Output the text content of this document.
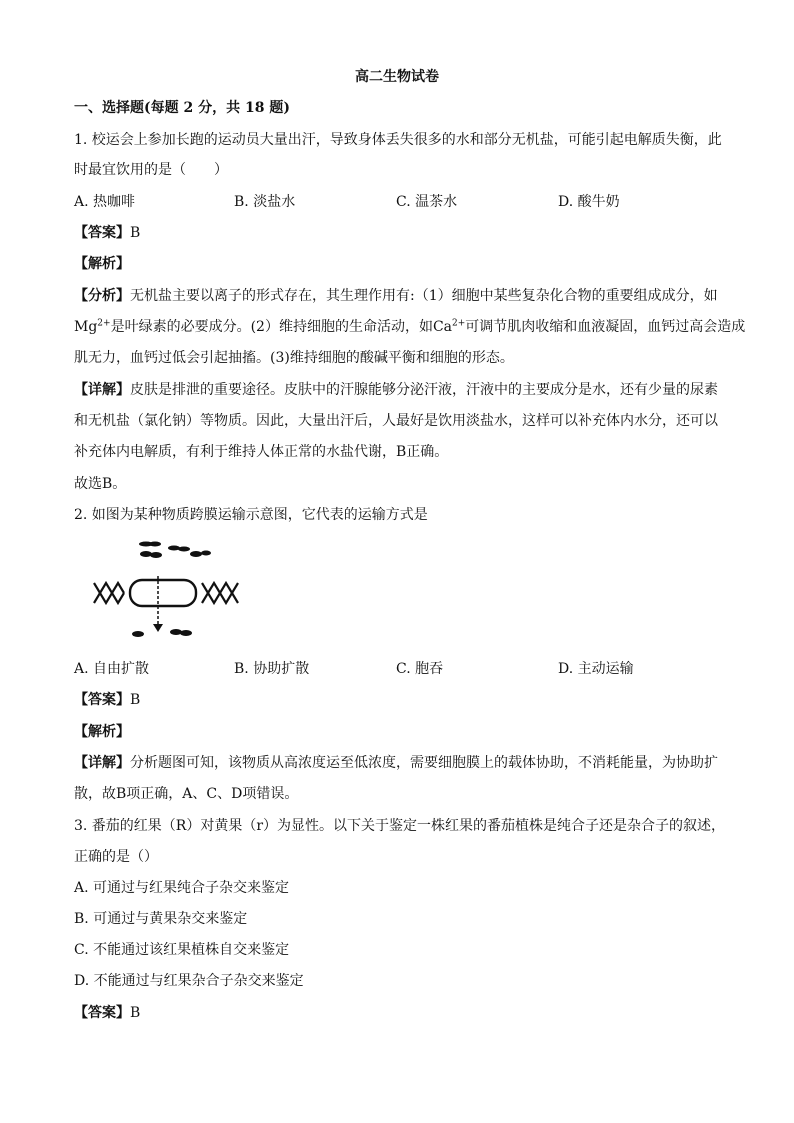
高二生物试卷
一、选择题(每题 2 分，共 18 题)
1. 校运会上参加长跑的运动员大量出汗，导致身体丢失很多的水和部分无机盐，可能引起电解质失衡，此
时最宜饮用的是（　　）
A. 热咖啡	B. 淡盐水	C. 温茶水	D. 酸牛奶
【答案】B
【解析】
【分析】无机盐主要以离子的形式存在，其生理作用有:（1）细胞中某些复杂化合物的重要组成成分，如
$Mg^{2+}$是叶绿素的必要成分。(2）维持细胞的生命活动，如$Ca^{2+}$可调节肌肉收缩和血液凝固，血钙过高会造成
肌无力，血钙过低会引起抽搐。(3)维持细胞的酸碱平衡和细胞的形态。
【详解】皮肤是排泄的重要途径。皮肤中的汗腺能够分泌汗液，汗液中的主要成分是水，还有少量的尿素
和无机盐（氯化钠）等物质。因此，大量出汗后，人最好是饮用淡盐水，这样可以补充体内水分，还可以
补充体内电解质，有利于维持人体正常的水盐代谢，B正确。
故选B。
2. 如图为某种物质跨膜运输示意图，它代表的运输方式是
A. 自由扩散	B. 协助扩散	C. 胞吞	D. 主动运输
【答案】B
【解析】
【详解】分析题图可知，该物质从高浓度运至低浓度，需要细胞膜上的载体协助，不消耗能量，为协助扩
散，故B项正确，A、C、D项错误。
3. 番茄的红果（R）对黄果（r）为显性。以下关于鉴定一株红果的番茄植株是纯合子还是杂合子的叙述，
正确的是（）
A. 可通过与红果纯合子杂交来鉴定
B. 可通过与黄果杂交来鉴定
C. 不能通过该红果植株自交来鉴定
D. 不能通过与红果杂合子杂交来鉴定
【答案】B
